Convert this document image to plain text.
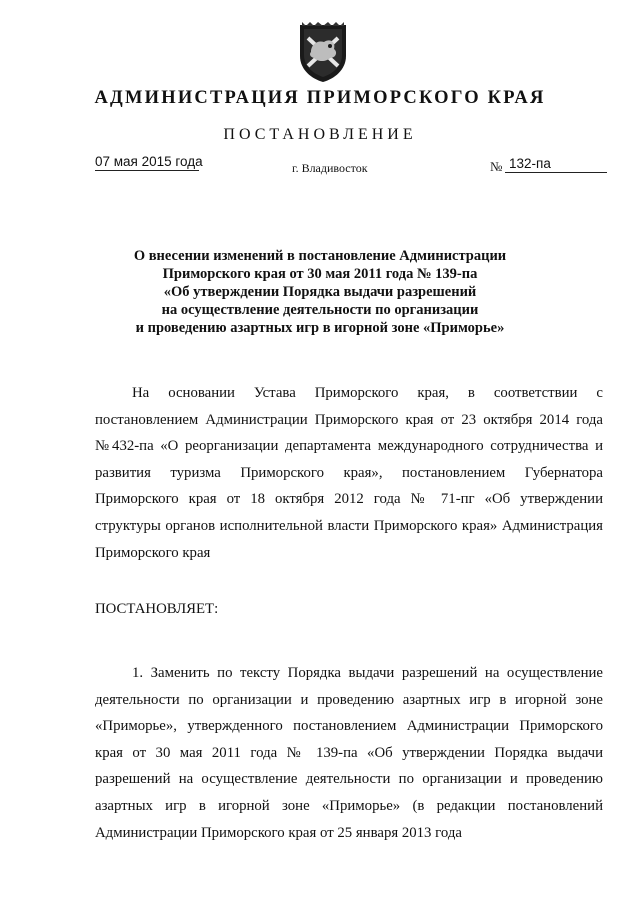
АДМИНИСТРАЦИЯ ПРИМОРСКОГО КРАЯ
ПОСТАНОВЛЕНИЕ
07 мая 2015 года	г. Владивосток	№ 132-па
О внесении изменений в постановление Администрации
Приморского края от 30 мая 2011 года № 139-па
«Об утверждении Порядка выдачи разрешений
на осуществление деятельности по организации
и проведению азартных игр в игорной зоне «Приморье»

На основании Устава Приморского края, в соответствии с постановлением Администрации Приморского края от 23 октября 2014 года №432-па «О реорганизации департамента международного сотрудничества и развития туризма Приморского края», постановлением Губернатора Приморского края от 18 октября 2012 года № 71-пг «Об утверждении структуры органов исполнительной власти Приморского края» Администрация Приморского края

ПОСТАНОВЛЯЕТ:

1. Заменить по тексту Порядка выдачи разрешений на осуществление деятельности по организации и проведению азартных игр в игорной зоне «Приморье», утвержденного постановлением Администрации Приморского края от 30 мая 2011 года № 139-па «Об утверждении Порядка выдачи разрешений на осуществление деятельности по организации и проведению азартных игр в игорной зоне «Приморье» (в редакции постановлений Администрации Приморского края от 25 января 2013 года
